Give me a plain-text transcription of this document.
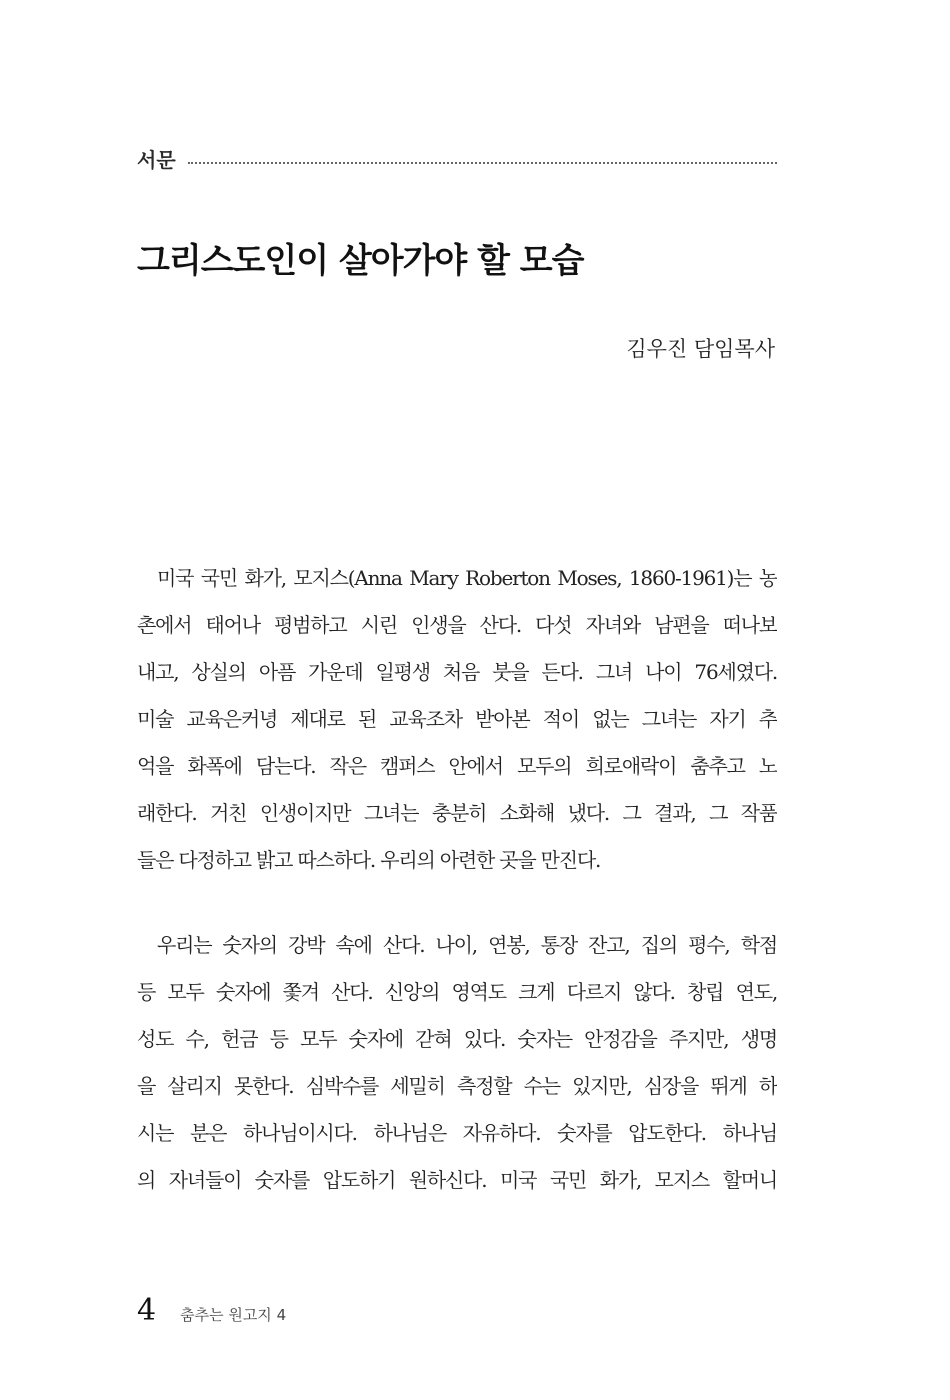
서문
그리스도인이 살아가야 할 모습
김우진 담임목사
미국 국민 화가, 모지스(Anna Mary Roberton Moses, 1860-1961)는 농
촌에서 태어나 평범하고 시린 인생을 산다. 다섯 자녀와 남편을 떠나보
내고, 상실의 아픔 가운데 일평생 처음 붓을 든다. 그녀 나이 76세였다.
미술 교육은커녕 제대로 된 교육조차 받아본 적이 없는 그녀는 자기 추
억을 화폭에 담는다. 작은 캠퍼스 안에서 모두의 희로애락이 춤추고 노
래한다. 거친 인생이지만 그녀는 충분히 소화해 냈다. 그 결과, 그 작품
들은 다정하고 밝고 따스하다. 우리의 아련한 곳을 만진다.
우리는 숫자의 강박 속에 산다. 나이, 연봉, 통장 잔고, 집의 평수, 학점
등 모두 숫자에 쫓겨 산다. 신앙의 영역도 크게 다르지 않다. 창립 연도,
성도 수, 헌금 등 모두 숫자에 갇혀 있다. 숫자는 안정감을 주지만, 생명
을 살리지 못한다. 심박수를 세밀히 측정할 수는 있지만, 심장을 뛰게 하
시는 분은 하나님이시다. 하나님은 자유하다. 숫자를 압도한다. 하나님
의 자녀들이 숫자를 압도하기 원하신다. 미국 국민 화가, 모지스 할머니
4 춤추는 원고지 4
